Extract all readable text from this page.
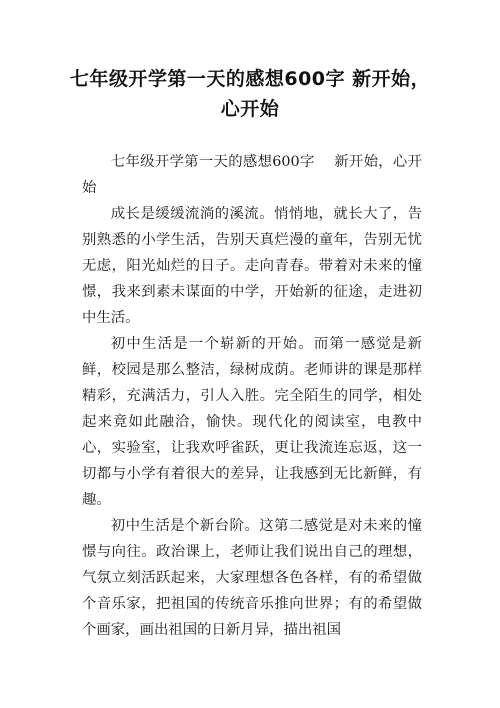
七年级开学第一天的感想600字 新开始，心开始

七年级开学第一天的感想600字　 新开始，心开始

成长是缓缓流淌的溪流。悄悄地，就长大了，告别熟悉的小学生活，告别天真烂漫的童年，告别无忧无虑，阳光灿烂的日子。走向青春。带着对未来的憧憬，我来到素未谋面的中学，开始新的征途，走进初中生活。

初中生活是一个崭新的开始。而第一感觉是新鲜，校园是那么整洁，绿树成荫。老师讲的课是那样精彩，充满活力，引人入胜。完全陌生的同学，相处起来竟如此融洽，愉快。现代化的阅读室，电教中心，实验室，让我欢呼雀跃，更让我流连忘返，这一切都与小学有着很大的差异，让我感到无比新鲜，有趣。

初中生活是个新台阶。这第二感觉是对未来的憧憬与向往。政治课上，老师让我们说出自己的理想，气氛立刻活跃起来，大家理想各色各样，有的希望做个音乐家，把祖国的传统音乐推向世界；有的希望做个画家，画出祖国的日新月异，描出祖国
